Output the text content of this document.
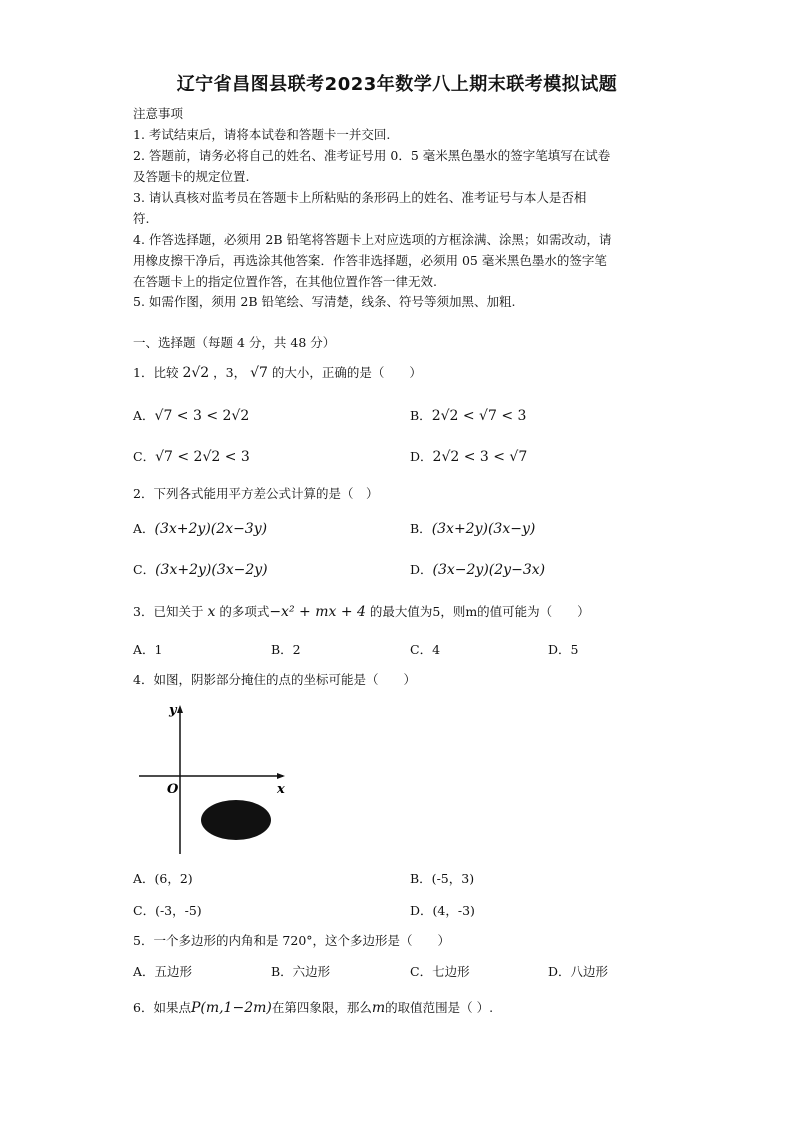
辽宁省昌图县联考2023年数学八上期末联考模拟试题
注意事项
1. 考试结束后，请将本试卷和答题卡一并交回.
2. 答题前，请务必将自己的姓名、准考证号用 0．5 毫米黑色墨水的签字笔填写在试卷
及答题卡的规定位置.
3. 请认真核对监考员在答题卡上所粘贴的条形码上的姓名、准考证号与本人是否相
符.
4. 作答选择题，必须用 2B 铅笔将答题卡上对应选项的方框涂满、涂黑；如需改动，请
用橡皮擦干净后，再选涂其他答案．作答非选择题，必须用 05 毫米黑色墨水的签字笔
在答题卡上的指定位置作答，在其他位置作答一律无效.
5. 如需作图，须用 2B 铅笔绘、写清楚，线条、符号等须加黑、加粗.
一、选择题（每题 4 分，共 48 分）
1．比较 2√2 ，3， √7 的大小，正确的是（　　）
A．√7 < 3 < 2√2	B．2√2 < √7 < 3
C．√7 < 2√2 < 3	D．2√2 < 3 < √7
2．下列各式能用平方差公式计算的是（　）
A．(3x+2y)(2x−3y)	B．(3x+2y)(3x−y)
C．(3x+2y)(3x−2y)	D．(3x−2y)(2y−3x)
3．已知关于 x 的多项式−x² + mx + 4 的最大值为5，则m的值可能为（　　）
A．1	B．2	C．4	D．5
4．如图，阴影部分掩住的点的坐标可能是（　　）
y
x
O
A．(6，2)	B．(-5，3)
C．(-3，-5)	D．(4，-3)
5．一个多边形的内角和是 720°，这个多边形是（　　）
A．五边形	B．六边形	C．七边形	D．八边形
6．如果点P(m,1−2m)在第四象限，那么m的取值范围是（ ）.
